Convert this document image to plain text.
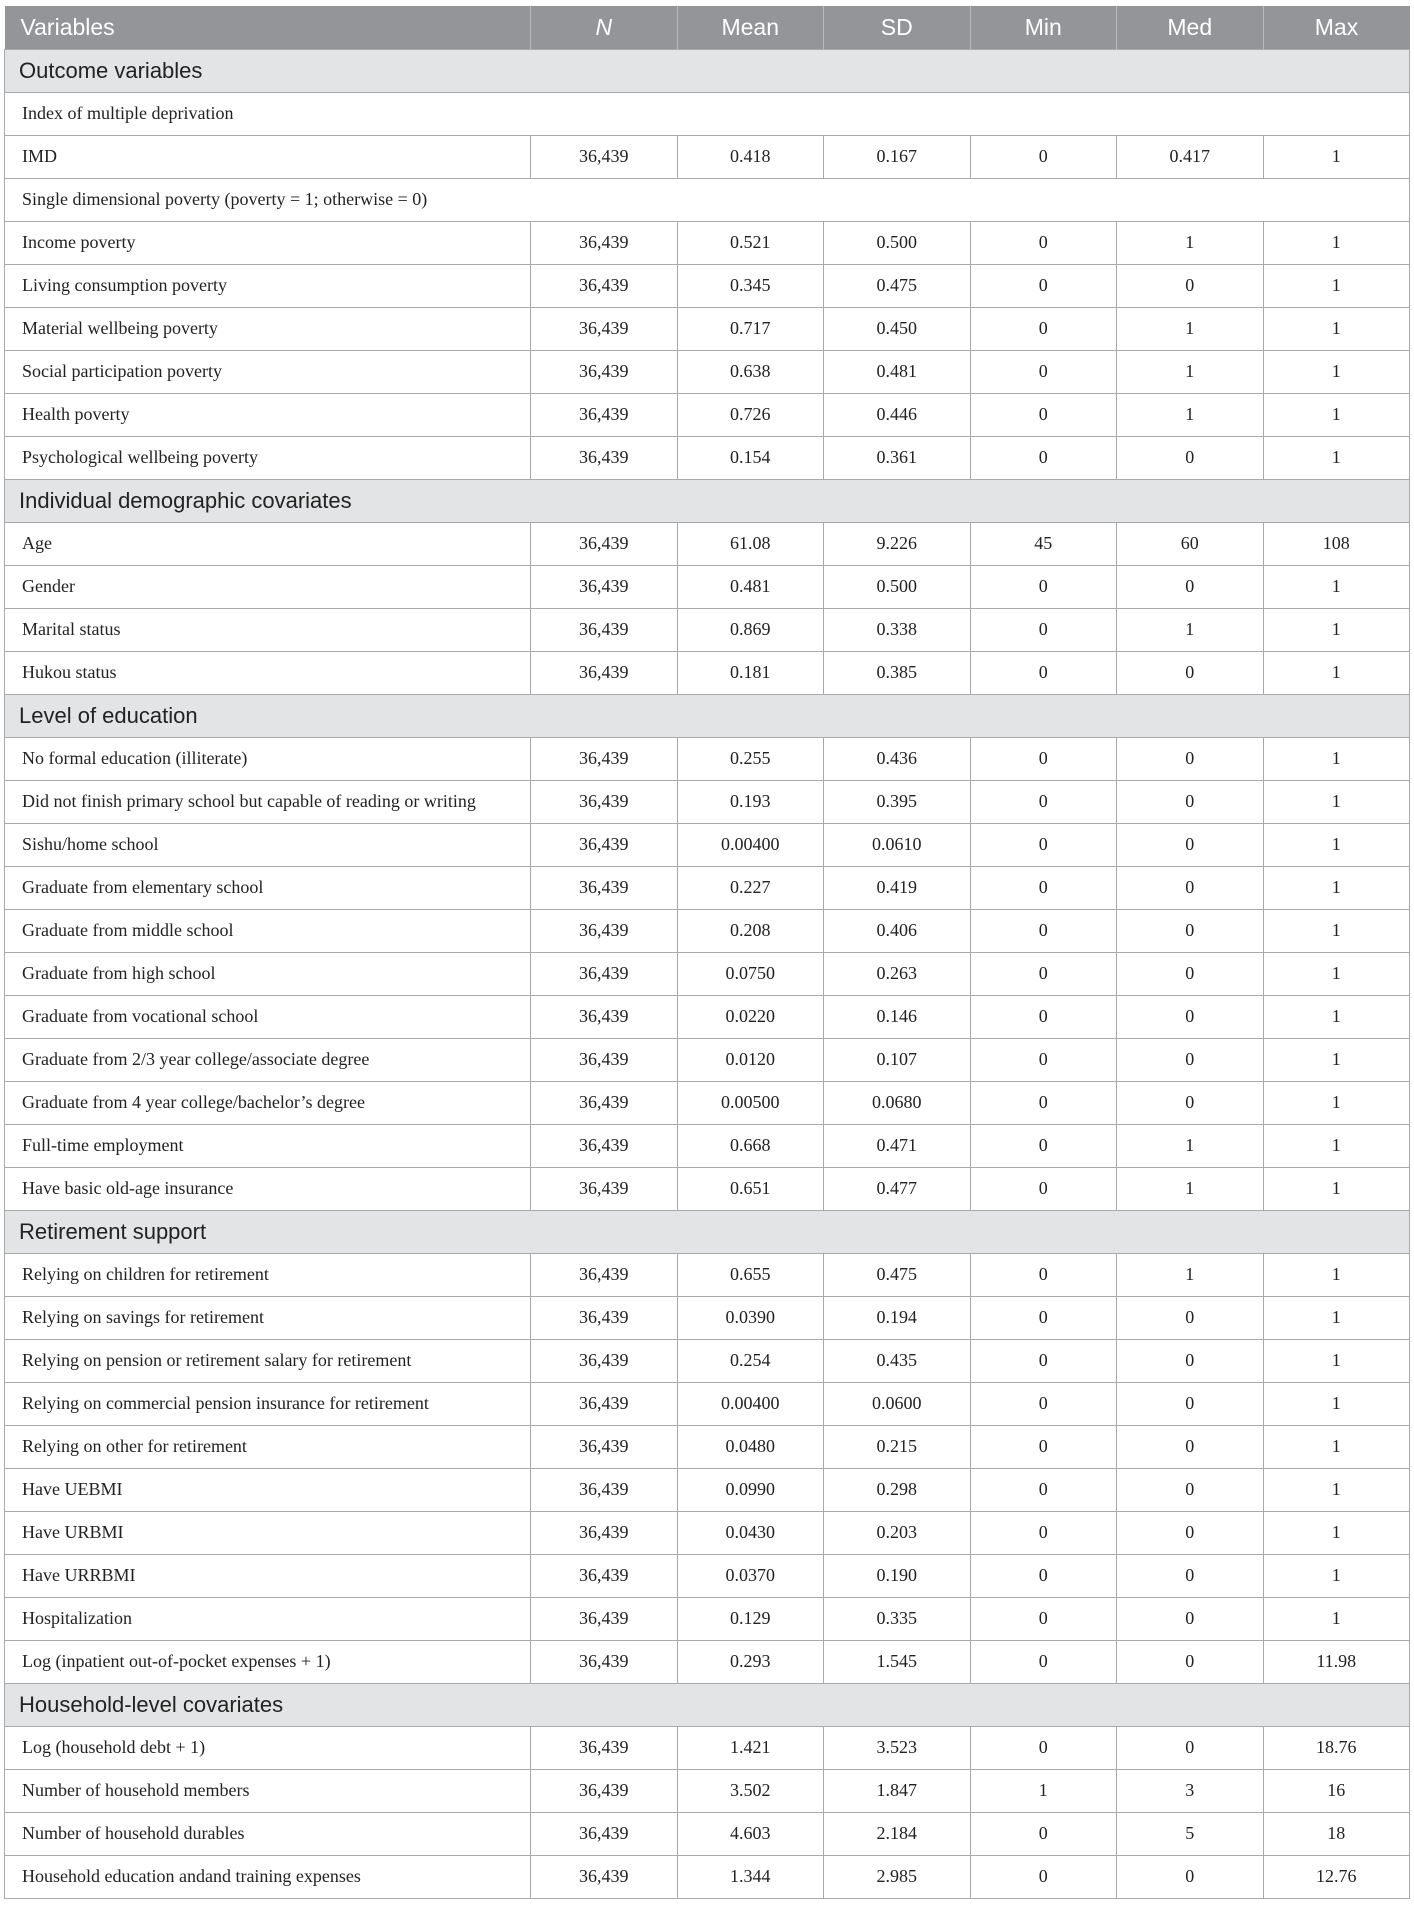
Variables	N	Mean	SD	Min	Med	Max
Outcome variables						
Index of multiple deprivation						
IMD	36,439	0.418	0.167	0	0.417	1
Single dimensional poverty (poverty = 1; otherwise = 0)						
Income poverty	36,439	0.521	0.500	0	1	1
Living consumption poverty	36,439	0.345	0.475	0	0	1
Material wellbeing poverty	36,439	0.717	0.450	0	1	1
Social participation poverty	36,439	0.638	0.481	0	1	1
Health poverty	36,439	0.726	0.446	0	1	1
Psychological wellbeing poverty	36,439	0.154	0.361	0	0	1
Individual demographic covariates						
Age	36,439	61.08	9.226	45	60	108
Gender	36,439	0.481	0.500	0	0	1
Marital status	36,439	0.869	0.338	0	1	1
Hukou status	36,439	0.181	0.385	0	0	1
Level of education						
No formal education (illiterate)	36,439	0.255	0.436	0	0	1
Did not finish primary school but capable of reading or writing	36,439	0.193	0.395	0	0	1
Sishu/home school	36,439	0.00400	0.0610	0	0	1
Graduate from elementary school	36,439	0.227	0.419	0	0	1
Graduate from middle school	36,439	0.208	0.406	0	0	1
Graduate from high school	36,439	0.0750	0.263	0	0	1
Graduate from vocational school	36,439	0.0220	0.146	0	0	1
Graduate from 2/3 year college/associate degree	36,439	0.0120	0.107	0	0	1
Graduate from 4 year college/bachelor’s degree	36,439	0.00500	0.0680	0	0	1
Full-time employment	36,439	0.668	0.471	0	1	1
Have basic old-age insurance	36,439	0.651	0.477	0	1	1
Retirement support						
Relying on children for retirement	36,439	0.655	0.475	0	1	1
Relying on savings for retirement	36,439	0.0390	0.194	0	0	1
Relying on pension or retirement salary for retirement	36,439	0.254	0.435	0	0	1
Relying on commercial pension insurance for retirement	36,439	0.00400	0.0600	0	0	1
Relying on other for retirement	36,439	0.0480	0.215	0	0	1
Have UEBMI	36,439	0.0990	0.298	0	0	1
Have URBMI	36,439	0.0430	0.203	0	0	1
Have URRBMI	36,439	0.0370	0.190	0	0	1
Hospitalization	36,439	0.129	0.335	0	0	1
Log (inpatient out-of-pocket expenses + 1)	36,439	0.293	1.545	0	0	11.98
Household-level covariates						
Log (household debt + 1)	36,439	1.421	3.523	0	0	18.76
Number of household members	36,439	3.502	1.847	1	3	16
Number of household durables	36,439	4.603	2.184	0	5	18
Household education andand training expenses	36,439	1.344	2.985	0	0	12.76
